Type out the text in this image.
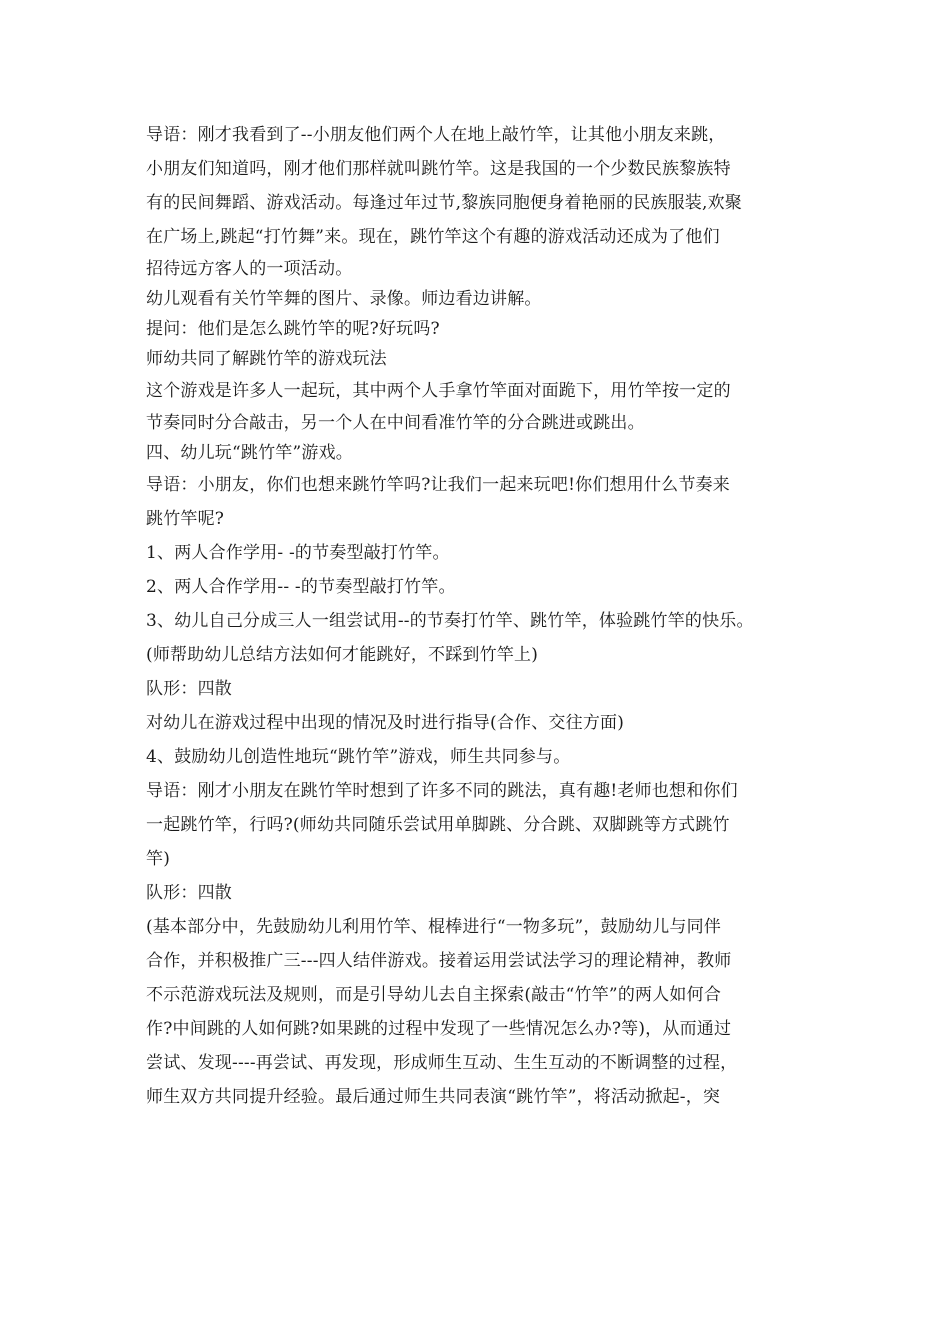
导语：刚才我看到了--小朋友他们两个人在地上敲竹竿，让其他小朋友来跳，
小朋友们知道吗，刚才他们那样就叫跳竹竿。这是我国的一个少数民族黎族特
有的民间舞蹈、游戏活动。每逢过年过节,黎族同胞便身着艳丽的民族服装,欢聚
在广场上,跳起“打竹舞”来。现在，跳竹竿这个有趣的游戏活动还成为了他们
招待远方客人的一项活动。
幼儿观看有关竹竿舞的图片、录像。师边看边讲解。
提问：他们是怎么跳竹竿的呢?好玩吗?
师幼共同了解跳竹竿的游戏玩法
这个游戏是许多人一起玩，其中两个人手拿竹竿面对面跪下，用竹竿按一定的
节奏同时分合敲击，另一个人在中间看准竹竿的分合跳进或跳出。
四、幼儿玩“跳竹竿”游戏。
导语：小朋友，你们也想来跳竹竿吗?让我们一起来玩吧!你们想用什么节奏来
跳竹竿呢?
1、两人合作学用- -的节奏型敲打竹竿。
2、两人合作学用-- -的节奏型敲打竹竿。
3、幼儿自己分成三人一组尝试用--的节奏打竹竿、跳竹竿，体验跳竹竿的快乐。
(师帮助幼儿总结方法如何才能跳好，不踩到竹竿上)
队形：四散
对幼儿在游戏过程中出现的情况及时进行指导(合作、交往方面)
4、鼓励幼儿创造性地玩“跳竹竿”游戏，师生共同参与。
导语：刚才小朋友在跳竹竿时想到了许多不同的跳法，真有趣!老师也想和你们
一起跳竹竿，行吗?(师幼共同随乐尝试用单脚跳、分合跳、双脚跳等方式跳竹
竿)
队形：四散
(基本部分中，先鼓励幼儿利用竹竿、棍棒进行“一物多玩”，鼓励幼儿与同伴
合作，并积极推广三---四人结伴游戏。接着运用尝试法学习的理论精神，教师
不示范游戏玩法及规则，而是引导幼儿去自主探索(敲击“竹竿”的两人如何合
作?中间跳的人如何跳?如果跳的过程中发现了一些情况怎么办?等)，从而通过
尝试、发现----再尝试、再发现，形成师生互动、生生互动的不断调整的过程，
师生双方共同提升经验。最后通过师生共同表演“跳竹竿”，将活动掀起-，突
